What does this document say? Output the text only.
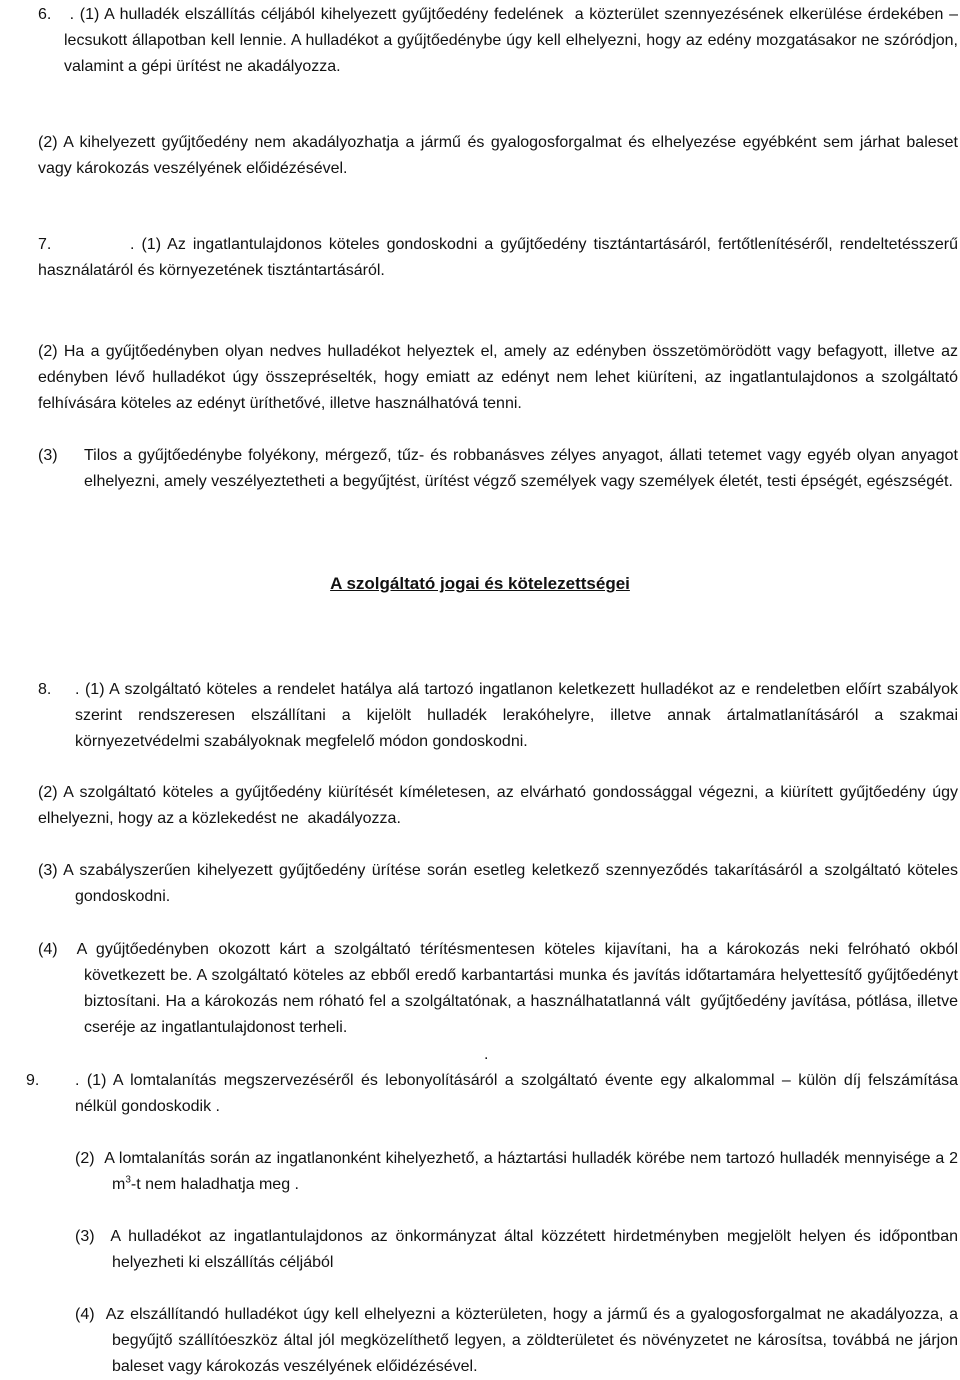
6. . (1) A hulladék elszállítás céljából kihelyezett gyűjtőedény fedelének  a közterület szennyezésének elkerülése érdekében – lecsukott állapotban kell lennie. A hulladékot a gyűjtőedénybe úgy kell elhelyezni, hogy az edény mozgatásakor ne szóródjon, valamint a gépi ürítést ne akadályozza.
(2) A kihelyezett gyűjtőedény nem akadályozhatja a jármű és gyalogosforgalmat és elhelyezése egyébként sem járhat baleset vagy károkozás veszélyének előidézésével.
7.	. (1) Az ingatlantulajdonos köteles gondoskodni a gyűjtőedény tisztántartásáról, fertőtlenítéséről, rendeltetésszerű használatáról és környezetének tisztántartásáról.
(2) Ha a gyűjtőedényben olyan nedves hulladékot helyeztek el, amely az edényben összetömörödött vagy befagyott, illetve az edényben lévő hulladékot úgy összepréselték, hogy emiatt az edényt nem lehet kiüríteni, az ingatlantulajdonos a szolgáltató felhívására köteles az edényt üríthetővé, illetve használhatóvá tenni.
(3) Tilos a gyűjtőedénybe folyékony, mérgező, tűz- és robbanásves zélyes anyagot, állati tetemet vagy egyéb olyan anyagot elhelyezni, amely veszélyeztetheti a begyűjtést, ürítést végző személyek vagy személyek életét, testi épségét, egészségét.
A szolgáltató jogai és kötelezettségei
8. . (1) A szolgáltató köteles a rendelet hatálya alá tartozó ingatlanon keletkezett hulladékot az e rendeletben előírt szabályok szerint rendszeresen elszállítani a kijelölt hulladék lerakóhelyre, illetve annak ártalmatlanításáról a szakmai környezetvédelmi szabályoknak megfelelő módon gondoskodni.
(2) A szolgáltató köteles a gyűjtőedény kiürítését kíméletesen, az elvárható gondossággal végezni, a kiürített gyűjtőedény úgy elhelyezni, hogy az a közlekedést ne  akadályozza.
(3) A szabályszerűen kihelyezett gyűjtőedény ürítése során esetleg keletkező szennyeződés takarításáról a szolgáltató köteles gondoskodni.
(4)  A gyűjtőedényben okozott kárt a szolgáltató térítésmentesen köteles kijavítani, ha a károkozás neki felróható okból következett be. A szolgáltató köteles az ebből eredő karbantartási munka és javítás időtartamára helyettesítő gyűjtőedényt biztosítani. Ha a károkozás nem róható fel a szolgáltatónak, a használhatatlanná vált  gyűjtőedény javítása, pótlása, illetve cseréje az ingatlantulajdonost terheli.
.
9. . (1) A lomtalanítás megszervezéséről és lebonyolításáról a szolgáltató évente egy alkalommal – külön díj felszámítása nélkül gondoskodik .
(2)  A lomtalanítás során az ingatlanonként kihelyezhető, a háztartási hulladék körébe nem tartozó hulladék mennyisége a 2 $m^3-t$ nem haladhatja meg .
(3)  A hulladékot az ingatlantulajdonos az önkormányzat által közzétett hirdetményben megjelölt helyen és időpontban helyezheti ki elszállítás céljából
(4)  Az elszállítandó hulladékot úgy kell elhelyezni a közterületen, hogy a jármű és a gyalogosforgalmat ne akadályozza, a begyűjtő szállítóeszköz által jól megközelíthető legyen, a zöldterületet és növényzetet ne károsítsa, továbbá ne járjon baleset vagy károkozás veszélyének előidézésével.
